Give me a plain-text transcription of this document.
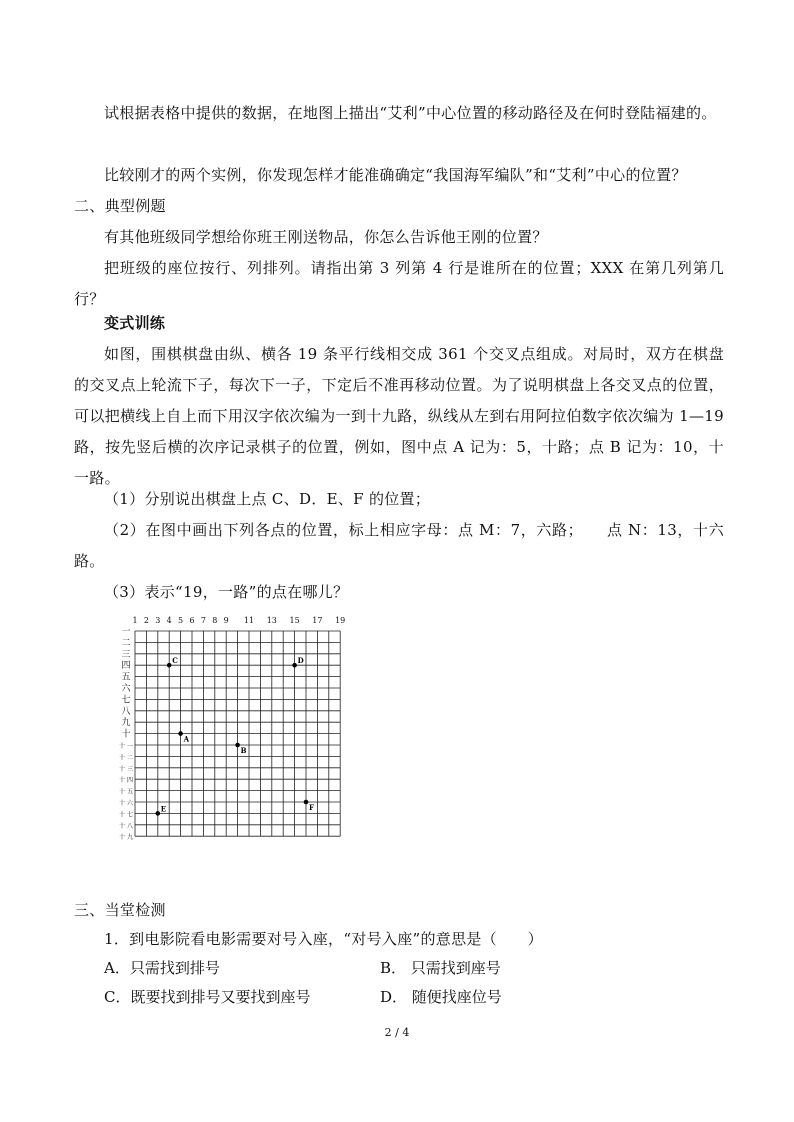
试根据表格中提供的数据，在地图上描出“艾利”中心位置的移动路径及在何时登陆福建的。

比较刚才的两个实例，你发现怎样才能准确确定“我国海军编队”和“艾利”中心的位置？

二、典型例题

有其他班级同学想给你班王刚送物品，你怎么告诉他王刚的位置？

把班级的座位按行、列排列。请指出第 3 列第 4 行是谁所在的位置；XXX 在第几列第几行？

变式训练

如图，围棋棋盘由纵、横各 19 条平行线相交成 361 个交叉点组成。对局时，双方在棋盘的交叉点上轮流下子，每次下一子，下定后不准再移动位置。为了说明棋盘上各交叉点的位置，可以把横线上自上而下用汉字依次编为一到十九路，纵线从左到右用阿拉伯数字依次编为 1—19 路，按先竖后横的次序记录棋子的位置，例如，图中点 A 记为：5，十路；点 B 记为：10，十一路。

（1）分别说出棋盘上点 C、D．E、F 的位置；

（2）在图中画出下列各点的位置，标上相应字母：点 M：7，六路；　　点 N：13，十六路。

（3）表示“19，一路”的点在哪儿？

1 2 3 4 5 6 7 8 9 11 13 15 17 19
一
二
三
四
五
六
七
八
九
十
十一
十二
十三
十四
十五
十六
十七
十八
十九
C	D
A
B
E	F

三、当堂检测

1．到电影院看电影需要对号入座，“对号入座”的意思是（　　）

A．只需找到排号	B． 只需找到座号
C．既要找到排号又要找到座号	D． 随便找座位号
2 / 4
